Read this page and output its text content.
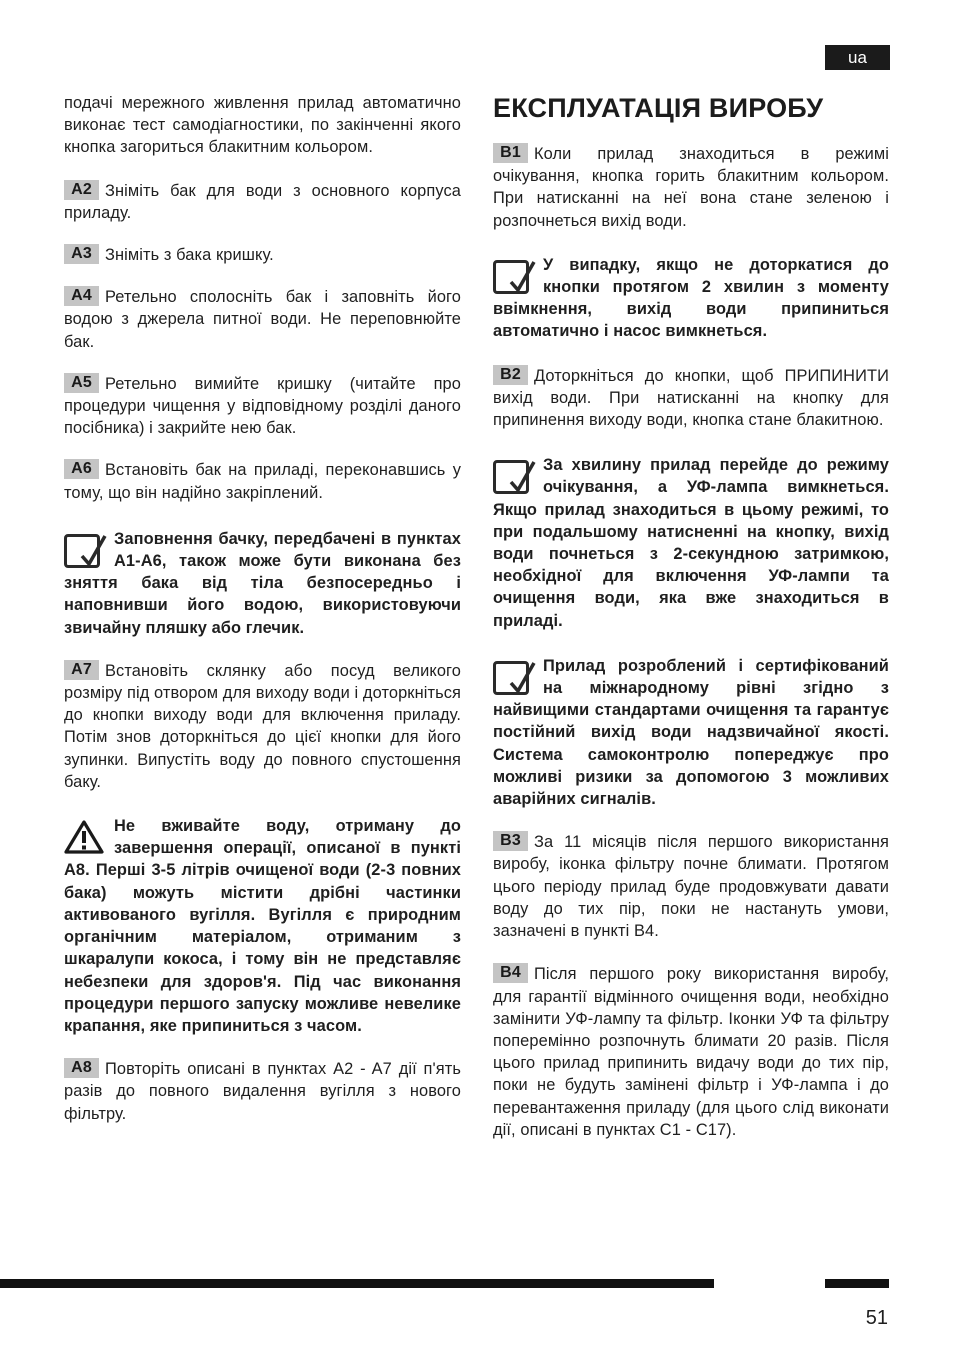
ua

подачі мережного живлення прилад автоматично виконає тест самодіагностики, по закінченні якого кнопка загориться блакитним кольором.

A2 Зніміть бак для води з основного корпуса приладу.

A3 Зніміть з бака кришку.

A4 Ретельно сполосніть бак і заповніть його водою з джерела питної води. Не переповнюйте бак.

A5 Ретельно вимийте кришку (читайте про процедури чищення у відповідному розділі даного посібника) і закрийте нею бак.

A6 Встановіть бак на приладі, переконавшись у тому, що він надійно закріплений.

Заповнення бачку, передбачені в пунктах A1-A6, також може бути виконана без зняття бака від тіла безпосередньо і наповнивши його водою, використовуючи звичайну пляшку або глечик.

A7 Встановіть склянку або посуд великого розміру під отвором для виходу води і доторкніться до кнопки виходу води для включення приладу. Потім знов доторкніться до цієї кнопки для його зупинки. Випустіть воду до повного спустошення баку.

Не вживайте воду, отриману до завершення операції, описаної в пункті A8. Перші 3-5 літрів очищеної води (2-3 повних бака) можуть містити дрібні частинки активованого вугілля. Вугілля є природним органічним матеріалом, отриманим з шкаралупи кокоса, і тому він не представляє небезпеки для здоров'я. Під час виконання процедури першого запуску можливе невелике крапання, яке припиниться з часом.

A8 Повторіть описані в пунктах A2 - A7 дії п'ять разів до повного видалення вугілля з нового фільтру.

ЕКСПЛУАТАЦІЯ ВИРОБУ

B1 Коли прилад знаходиться в режимі очікування, кнопка горить блакитним кольором. При натисканні на неї вона стане зеленою і розпочнеться вихід води.

У випадку, якщо не доторкатися до кнопки протягом 2 хвилин з моменту ввімкнення, вихід води припиниться автоматично і насос вимкнеться.

B2 Доторкніться до кнопки, щоб ПРИПИНИТИ вихід води. При натисканні на кнопку для припинення виходу води, кнопка стане блакитною.

За хвилину прилад перейде до режиму очікування, а УФ-лампа вимкнеться. Якщо прилад знаходиться в цьому режимі, то при подальшому натисненні на кнопку, вихід води почнеться з 2-секундною затримкою, необхідної для включення УФ-лампи та очищення води, яка вже знаходиться в приладі.

Прилад розроблений і сертифікований на міжнародному рівні згідно з найвищими стандартами очищення та гарантує постійний вихід води надзвичайної якості. Система самоконтролю попереджує про можливі ризики за допомогою 3 можливих аварійних сигналів.

B3 За 11 місяців після першого використання виробу, іконка фільтру почне блимати. Протягом цього періоду прилад буде продовжувати давати воду до тих пір, поки не настануть умови, зазначені в пункті B4.

B4 Після першого року використання виробу, для гарантії відмінного очищення води, необхідно замінити УФ-лампу та фільтр. Іконки УФ та фільтру поперемінно розпочнуть блимати 20 разів. Після цього прилад припинить видачу води до тих пір, поки не будуть замінені фільтр і УФ-лампа і до перевантаження приладу (для цього слід виконати дії, описані в пунктах C1 - C17).

51
